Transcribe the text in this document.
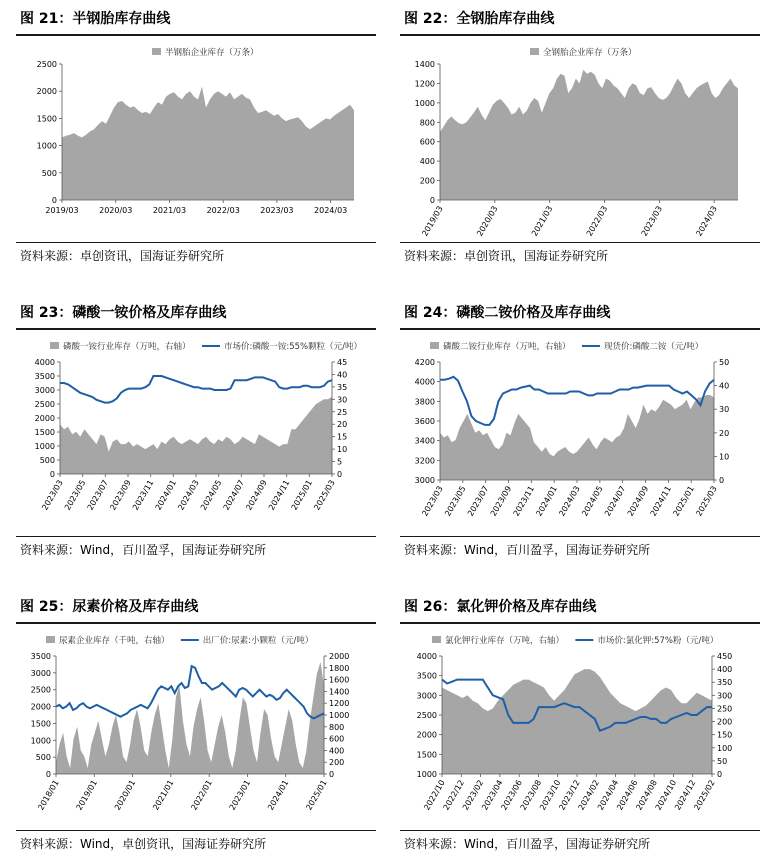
图 21：半钢胎库存曲线
半钢胎企业库存（万条）
0
500
1000
1500
2000
2500
2019/03	2020/03	2021/03	2022/03	2023/03	2024/03
资料来源：卓创资讯，国海证券研究所
图 22：全钢胎库存曲线
全钢胎企业库存（万条）
0
200
400
600
800
1000
1200
1400
2019/03	2020/03	2021/03	2022/03	2023/03	2024/03
资料来源：卓创资讯，国海证券研究所
图 23：磷酸一铵价格及库存曲线
磷酸一铵行业库存（万吨，右轴）	市场价:磷酸一铵:55%颗粒（元/吨）
0
500
1000
1500
2000
2500
3000
3500
4000
0
5
10
15
20
25
30
35
40
45
2023/03
2023/05
2023/07
2023/09
2023/11
2024/01
2024/03
2024/05
2024/07
2024/09
2024/11
2025/01
2025/03
资料来源：Wind，百川盈孚，国海证券研究所
图 24：磷酸二铵价格及库存曲线
磷酸二铵行业库存（万吨，右轴）	现货价:磷酸二铵（元/吨）
3000
3200
3400
3600
3800
4000
4200
0
10
20
30
40
50
2023/03
2023/05
2023/07
2023/09
2023/11
2024/01
2024/03
2024/05
2024/07
2024/09
2024/11
2025/01
2025/03
资料来源：Wind，百川盈孚，国海证券研究所
图 25：尿素价格及库存曲线
尿素企业库存（千吨，右轴）	出厂价:尿素:小颗粒（元/吨）
0
500
1000
1500
2000
2500
3000
3500
0
200
400
600
800
1000
1200
1400
1600
1800
2000
2018/01 2019/01 2020/01 2021/01 2022/01 2023/01 2024/01 2025/01
资料来源：Wind，卓创资讯，国海证券研究所
图 26：氯化钾价格及库存曲线
氯化钾行业库存（万吨，右轴）	市场价:氯化钾:57%粉（元/吨）
1000
1500
2000
2500
3000
3500
4000
0
50
100
150
200
250
300
350
400
450
2022/10
2022/12
2023/02
2023/04
2023/06
2023/08
2023/10
2023/12
2024/02
2024/04
2024/06
2024/08
2024/10
2024/12
2025/02
资料来源：Wind，百川盈孚，国海证券研究所
